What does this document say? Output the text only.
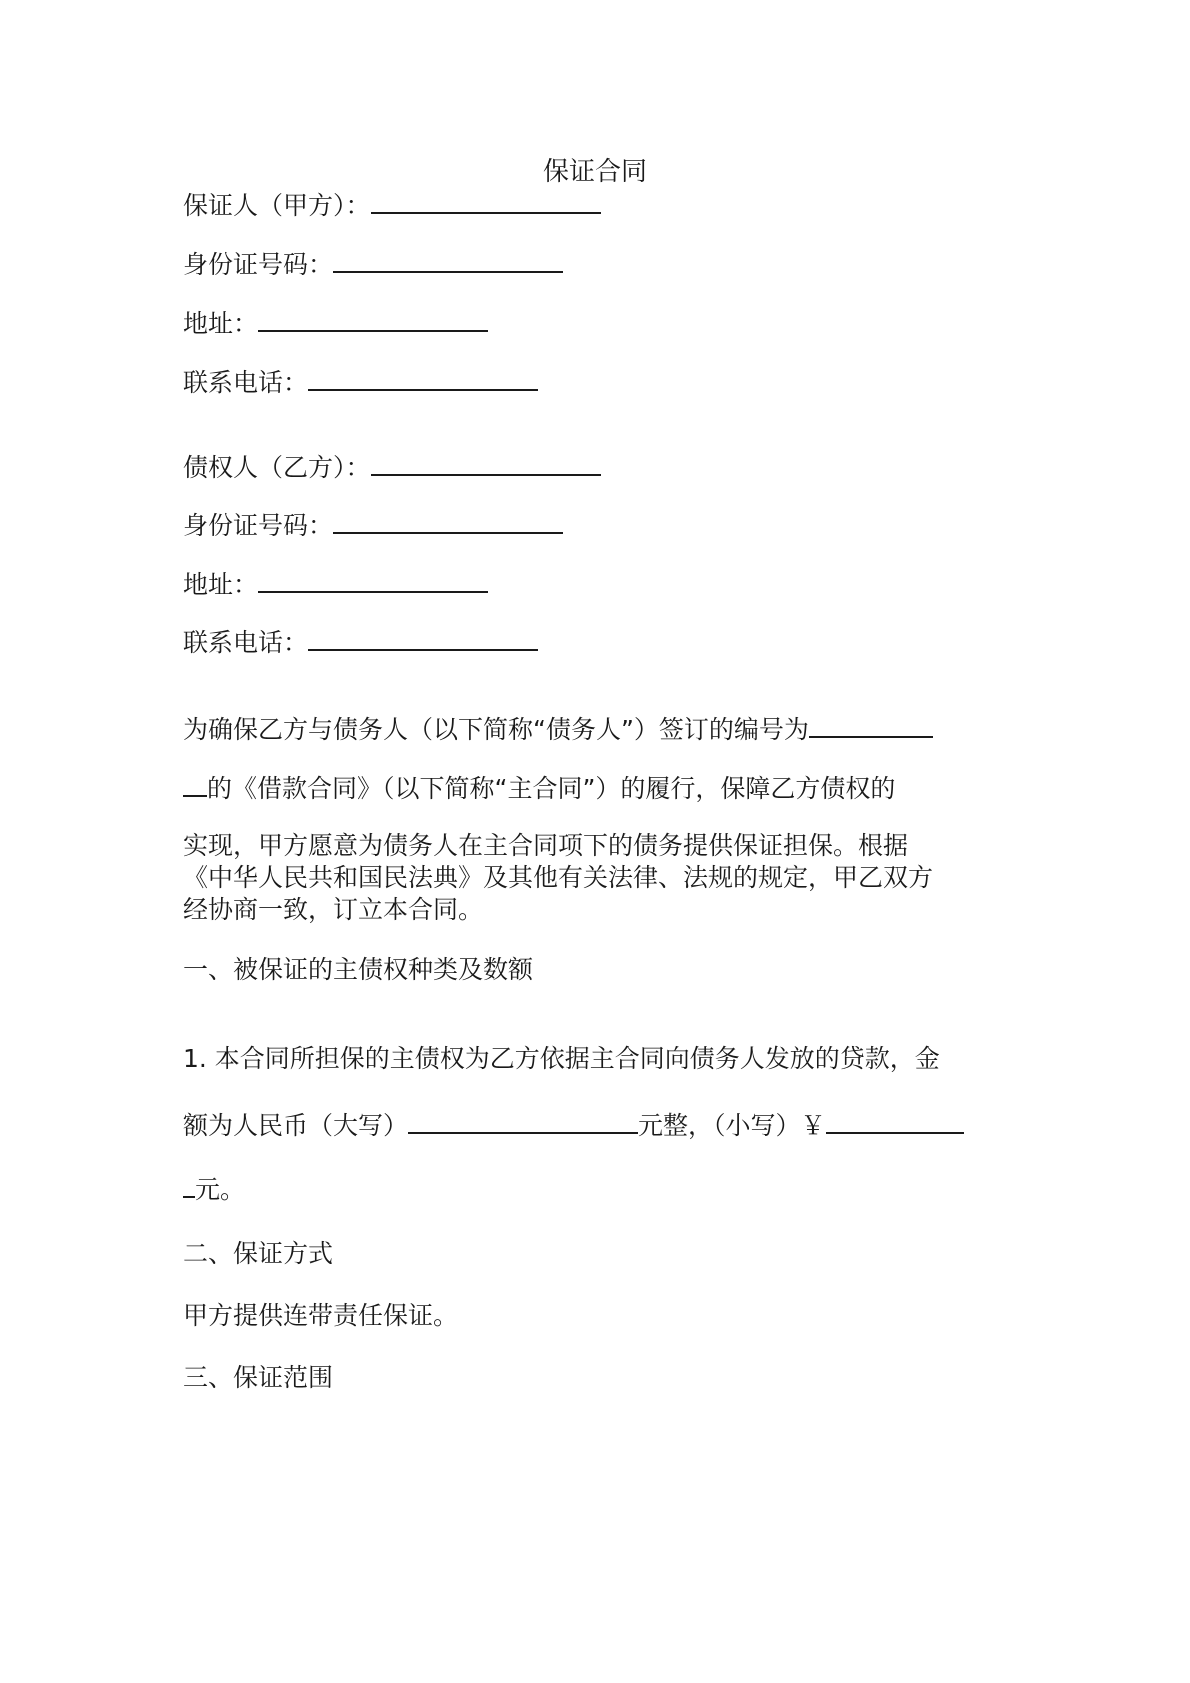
保证合同
保证人（甲方）：
身份证号码：
地址：
联系电话：
债权人（乙方）：
身份证号码：
地址：
联系电话：
为确保乙方与债务人（以下简称“债务人”）签订的编号为
的《借款合同》（以下简称“主合同”）的履行，保障乙方债权的
实现，甲方愿意为债务人在主合同项下的债务提供保证担保。根据
《中华人民共和国民法典》及其他有关法律、法规的规定，甲乙双方
经协商一致，订立本合同。
一、被保证的主债权种类及数额
1. 本合同所担保的主债权为乙方依据主合同向债务人发放的贷款，金
额为人民币（大写）	元整，（小写）￥
元。
二、保证方式
甲方提供连带责任保证。
三、保证范围
